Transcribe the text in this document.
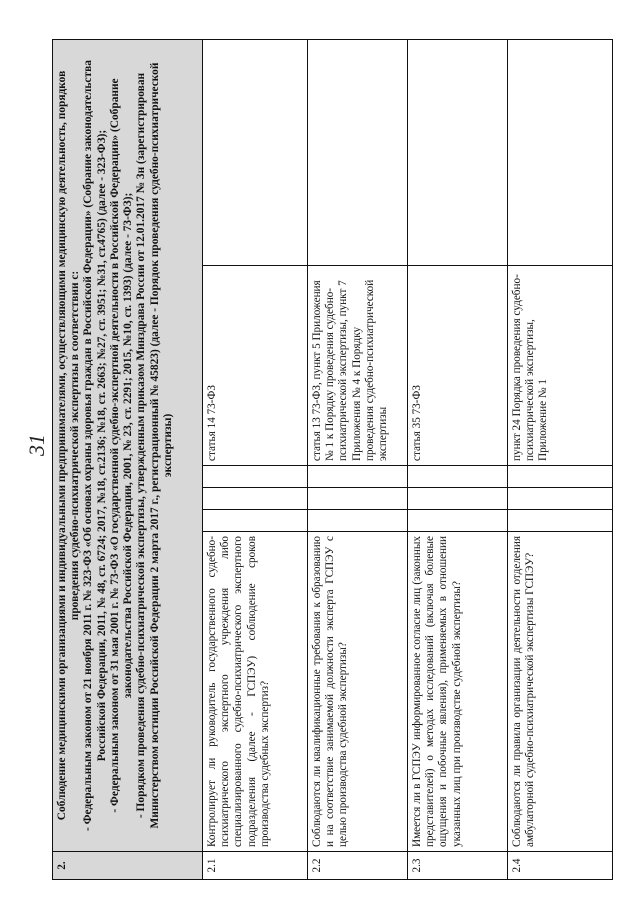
31
2.	Соблюдение медицинскими организациями и индивидуальными предпринимателями, осуществляющими медицинскую деятельность, порядков проведения судебно-психиатрической экспертизы в соответствии с: - Федеральным законом от 21 ноября 2011 г. № 323-ФЗ «Об основах охраны здоровья граждан в Российской Федерации» (Собрание законодательства Российской Федерации, 2011, № 48, ст. 6724; 2017, №18, ст.2136; №18, ст. 2663; №27, ст. 3951; №31, ст.4765) (далее - 323-ФЗ); - Федеральным законом от 31 мая 2001 г. № 73-ФЗ «О государственной судебно-экспертной деятельности в Российской Федерации» (Собрание законодательства Российской Федерации, 2001, № 23, ст. 2291; 2015, №10, ст. 1393) (далее - 73-ФЗ); - Порядком проведения судебно-психиатрической экспертизы, утвержденным приказом Минздрава России от 12.01.2017 № 3н (зарегистрирован Министерством юстиции Российской Федерации 2 марта 2017 г., регистрационный № 45823) (далее - Порядок проведения судебно-психиатрической экспертизы)					

2.1	Контролирует ли руководитель государственного судебно-психиатрического экспертного учреждения либо специализированного судебно-психиатрического экспертного подразделения (далее - ГСПЭУ) соблюдение сроков производства судебных экспертиз?				статья 14 73-ФЗ	
2.2	Соблюдаются ли квалификационные требования к образованию и на соответствие занимаемой должности эксперта ГСПЭУ с целью производства судебной экспертизы?				статья 13 73-ФЗ, пункт 5 Приложения № 1 к Порядку проведения судебно-психиатрической экспертизы, пункт 7 Приложения № 4 к Порядку проведения судебно-психиатрической экспертизы	
2.3	Имеется ли в ГСПЭУ информированное согласие лиц (законных представителей) о методах исследований (включая болевые ощущения и побочные явления), применяемых в отношении указанных лиц при производстве судебной экспертизы?				статья 35 73-ФЗ	
2.4	Соблюдаются ли правила организации деятельности отделения амбулаторной судебно-психиатрической экспертизы ГСПЭУ?				пункт 24 Порядка проведения судебно-психиатрической экспертизы, Приложение № 1	
